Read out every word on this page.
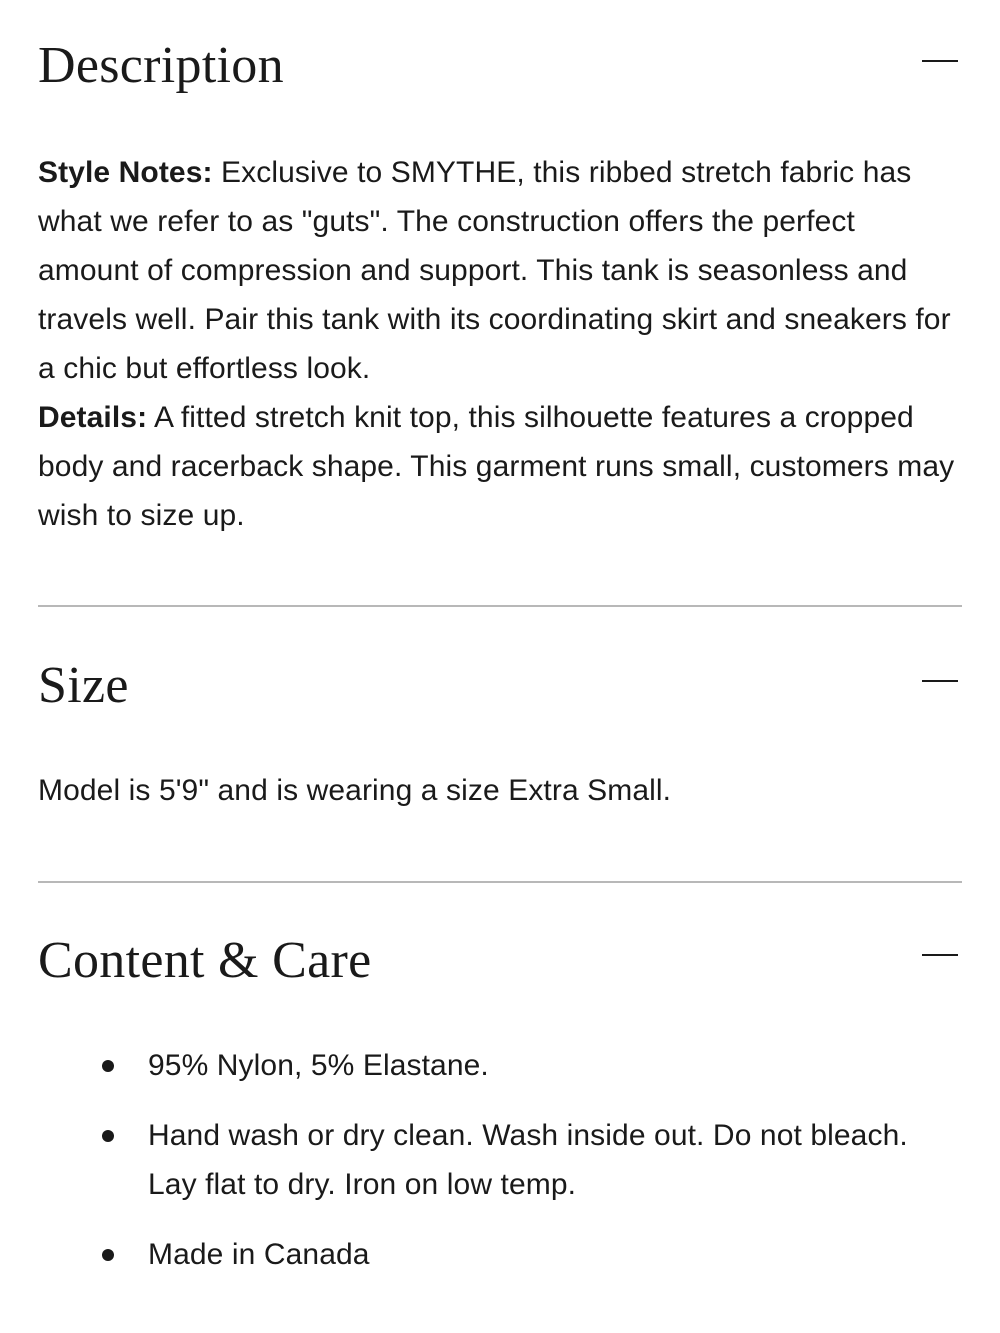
Description
Style Notes: Exclusive to SMYTHE, this ribbed stretch fabric has what we refer to as "guts". The construction offers the perfect amount of compression and support. This tank is seasonless and travels well. Pair this tank with its coordinating skirt and sneakers for a chic but effortless look.
Details: A fitted stretch knit top, this silhouette features a cropped body and racerback shape. This garment runs small, customers may wish to size up.
Size
Model is 5'9" and is wearing a size Extra Small.
Content & Care
95% Nylon, 5% Elastane.
Hand wash or dry clean. Wash inside out. Do not bleach. Lay flat to dry. Iron on low temp.
Made in Canada
